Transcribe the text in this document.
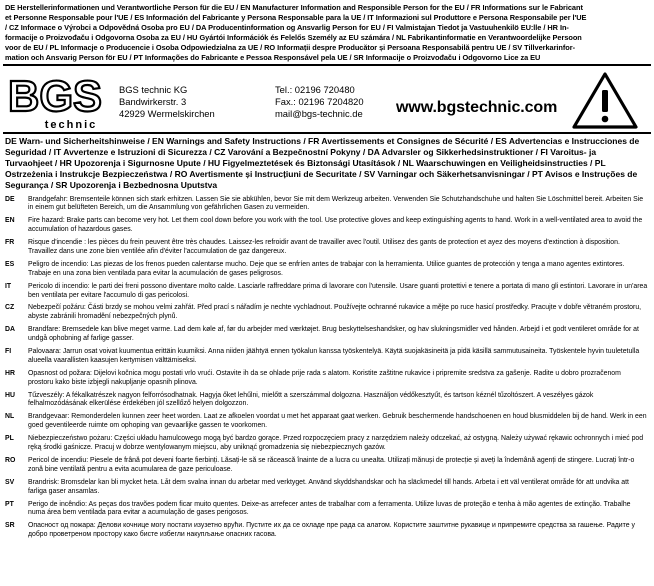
DE Herstellerinformationen und Verantwortliche Person für die EU / EN Manufacturer Information and Responsible Person for the EU / FR Informations sur le Fabricant
et Personne Responsable pour l'UE / ES Información del Fabricante y Persona Responsable para la UE / IT Informazioni sul Produttore e Persona Responsabile per l'UE
/ CZ Informace o Výrobci a Odpovědná Osoba pro EU / DA Producentinformation og Ansvarlig Person for EU / FI Valmistajan Tiedot ja Vastuuhenkilö EU:lle / HR In-
formacije o Proizvođaču i Odgovorna Osoba za EU / HU Gyártói Információk és Felelős Személy az EU számára / NL Fabrikantinformatie en Verantwoordelijke Persoon
voor de EU / PL Informacje o Producencie i Osoba Odpowiedzialna za UE / RO Informații despre Producător și Persoana Responsabilă pentru UE / SV Tillverkarinfor-
mation och Ansvarig Person för EU / PT Informações do Fabricante e Pessoa Responsável pela UE / SR Informacije o Proizvođaču i Odgovorno Lice za EU
BGS
technic
BGS technic KG
Bandwirkerstr. 3
42929 Wermelskirchen
Tel.: 02196 720480
Fax.: 02196 7204820
mail@bgs-technic.de www.bgstechnic.com
DE Warn- und Sicherheitshinweise / EN Warnings and Safety Instructions / FR Avertissements et Consignes de Sécurité / ES Advertencias e Instrucciones de Seguridad / IT Avvertenze e Istruzioni di Sicurezza / CZ Varování a Bezpečnostní Pokyny / DA Advarsler og Sikkerhedsinstruktioner / FI Varoitus- ja Turvaohjeet / HR Upozorenja i Sigurnosne Upute / HU Figyelmeztetések és Biztonsági Utasítások / NL Waarschuwingen en Veiligheidsinstructies / PL Ostrzeżenia i Instrukcje Bezpieczeństwa / RO Avertismente și Instrucțiuni de Securitate / SV Varningar och Säkerhetsanvisningar / PT Avisos e Instruções de Segurança / SR Upozorenja i Bezbednosna Uputstva
DE	Brandgefahr: Bremsenteile können sich stark erhitzen. Lassen Sie sie abkühlen, bevor Sie mit dem Werkzeug arbeiten. Verwenden Sie Schutzhandschuhe und halten Sie Löschmittel bereit. Arbeiten Sie in einem gut belüfteten Bereich, um die Ansammlung von gefährlichen Gasen zu vermeiden.
EN	Fire hazard: Brake parts can become very hot. Let them cool down before you work with the tool. Use protective gloves and keep extinguishing agents to hand. Work in a well-ventilated area to avoid the accumulation of hazardous gases.
FR	Risque d'incendie : les pièces du frein peuvent être très chaudes. Laissez-les refroidir avant de travailler avec l'outil. Utilisez des gants de protection et ayez des moyens d'extinction à disposition. Travaillez dans une zone bien ventilée afin d'éviter l'accumulation de gaz dangereux.
ES	Peligro de incendio: Las piezas de los frenos pueden calentarse mucho. Deje que se enfríen antes de trabajar con la herramienta. Utilice guantes de protección y tenga a mano agentes extintores. Trabaje en una zona bien ventilada para evitar la acumulación de gases peligrosos.
IT	Pericolo di incendio: le parti dei freni possono diventare molto calde. Lasciarle raffreddare prima di lavorare con l'utensile. Usare guanti protettivi e tenere a portata di mano gli estintori. Lavorare in un'area ben ventilata per evitare l'accumulo di gas pericolosi.
CZ	Nebezpečí požáru: Části brzdy se mohou velmi zahřát. Před prací s nářadím je nechte vychladnout. Používejte ochranné rukavice a mějte po ruce hasicí prostředky. Pracujte v dobře větraném prostoru, abyste zabránili hromadění nebezpečných plynů.
DA	Brandfare: Bremsedele kan blive meget varme. Lad dem køle af, før du arbejder med værktøjet. Brug beskyttelseshandsker, og hav slukningsmidler ved hånden. Arbejd i et godt ventileret område for at undgå ophobning af farlige gasser.
FI	Palovaara: Jarrun osat voivat kuumentua erittäin kuumiksi. Anna niiden jäähtyä ennen työkalun kanssa työskentelyä. Käytä suojakäsineitä ja pidä käsillä sammutusaineita. Työskentele hyvin tuuletetulla alueella vaarallisten kaasujen kertymisen välttämiseksi.
HR	Opasnost od požara: Dijelovi kočnica mogu postati vrlo vrući. Ostavite ih da se ohlade prije rada s alatom. Koristite zaštitne rukavice i pripremite sredstva za gašenje. Radite u dobro prozračenom prostoru kako biste izbjegli nakupljanje opasnih plinova.
HU	Tűzveszély: A fékalkatrészek nagyon felforrósodhatnak. Hagyja őket lehűlni, mielőtt a szerszámmal dolgozna. Használjon védőkesztyűt, és tartson kéznél tűzoltószert. A veszélyes gázok felhalmozódásának elkerülése érdekében jól szellőző helyen dolgozzon.
NL	Brandgevaar: Remonderdelen kunnen zeer heet worden. Laat ze afkoelen voordat u met het apparaat gaat werken. Gebruik beschermende handschoenen en houd blusmiddelen bij de hand. Werk in een goed geventileerde ruimte om ophoping van gevaarlijke gassen te voorkomen.
PL	Niebezpieczeństwo pożaru: Części układu hamulcowego mogą być bardzo gorące. Przed rozpoczęciem pracy z narzędziem należy odczekać, aż ostygną. Należy używać rękawic ochronnych i mieć pod ręką środki gaśnicze. Pracuj w dobrze wentylowanym miejscu, aby uniknąć gromadzenia się niebezpiecznych gazów.
RO	Pericol de incendiu: Piesele de frână pot deveni foarte fierbinți. Lăsați-le să se răcească înainte de a lucra cu unealta. Utilizați mănuși de protecție și aveți la îndemână agenți de stingere. Lucrați într-o zonă bine ventilată pentru a evita acumularea de gaze periculoase.
SV	Brandrisk: Bromsdelar kan bli mycket heta. Låt dem svalna innan du arbetar med verktyget. Använd skyddshandskar och ha släckmedel till hands. Arbeta i ett väl ventilerat område för att undvika att farliga gaser ansamlas.
PT	Perigo de incêndio: As peças dos travões podem ficar muito quentes. Deixe-as arrefecer antes de trabalhar com a ferramenta. Utilize luvas de proteção e tenha à mão agentes de extinção. Trabalhe numa área bem ventilada para evitar a acumulação de gases perigosos.
SR	Опасност од пожара: Делови кочнице могу постати изузетно врући. Пустите их да се охладе пре рада са алатом. Користите заштитне рукавице и припремите средства за гашење. Радите у добро проветреном простору како бисте избегли накупљање опасних гасова.
